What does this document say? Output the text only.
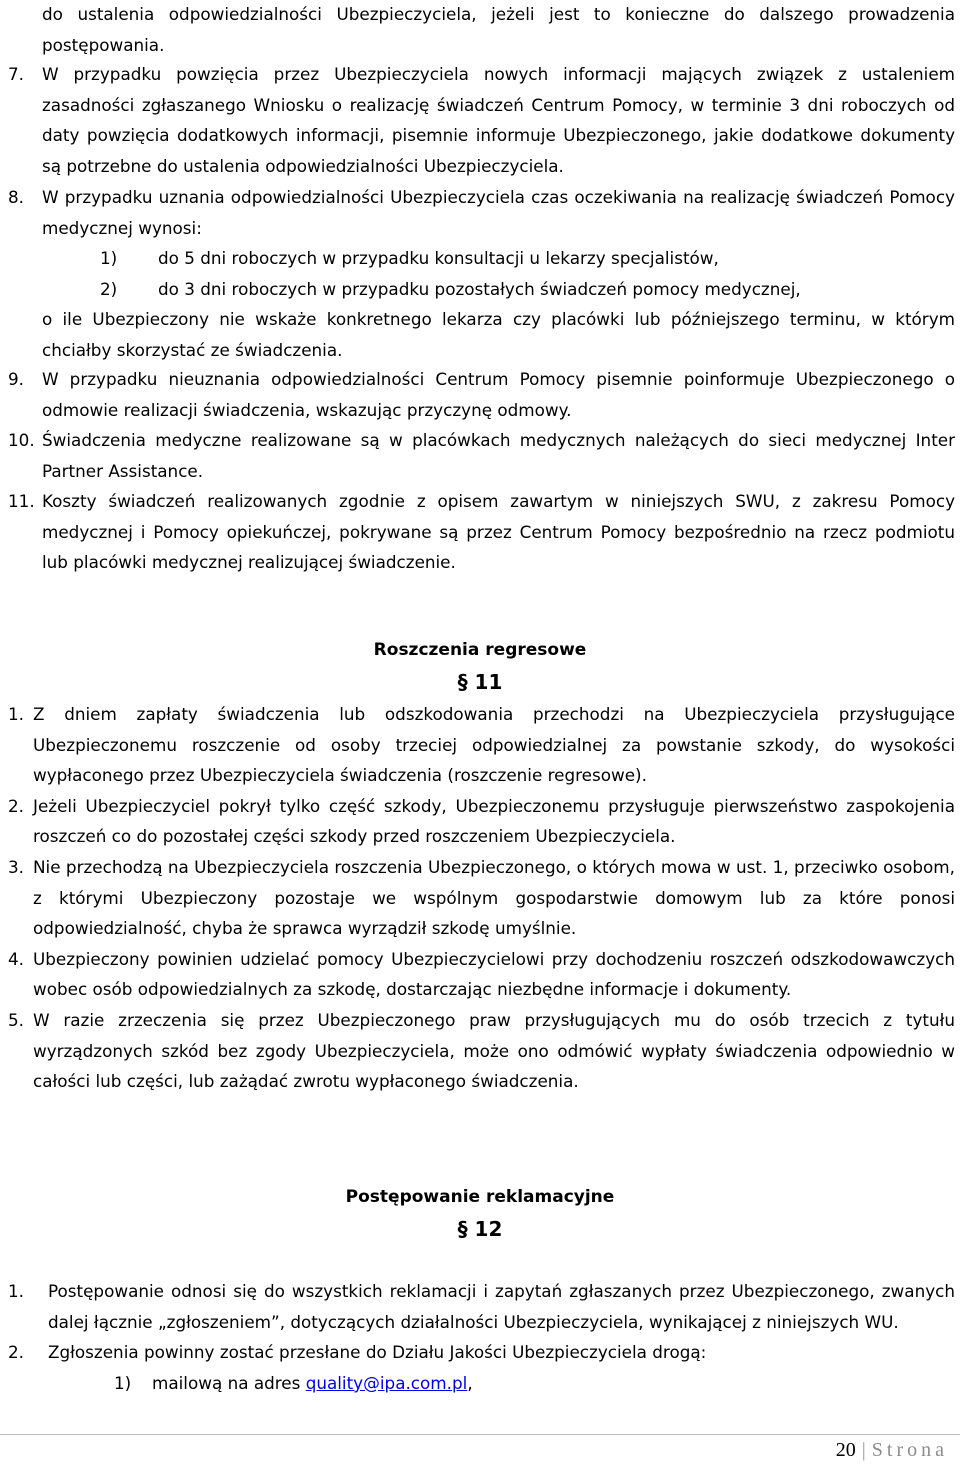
do ustalenia odpowiedzialności Ubezpieczyciela, jeżeli jest to konieczne do dalszego prowadzenia postępowania.
7. W przypadku powzięcia przez Ubezpieczyciela nowych informacji mających związek z ustaleniem zasadności zgłaszanego Wniosku o realizację świadczeń Centrum Pomocy, w terminie 3 dni roboczych od daty powzięcia dodatkowych informacji, pisemnie informuje Ubezpieczonego, jakie dodatkowe dokumenty są potrzebne do ustalenia odpowiedzialności Ubezpieczyciela.
8. W przypadku uznania odpowiedzialności Ubezpieczyciela czas oczekiwania na realizację świadczeń Pomocy medycznej wynosi:
1) do 5 dni roboczych w przypadku konsultacji u lekarzy specjalistów,

2) do 3 dni roboczych w przypadku pozostałych świadczeń pomocy medycznej,

o ile Ubezpieczony nie wskaże konkretnego lekarza czy placówki lub późniejszego terminu, w którym chciałby skorzystać ze świadczenia.
9. W przypadku nieuznania odpowiedzialności Centrum Pomocy pisemnie poinformuje Ubezpieczonego o odmowie realizacji świadczenia, wskazując przyczynę odmowy.
10. Świadczenia medyczne realizowane są w placówkach medycznych należących do sieci medycznej Inter Partner Assistance.
11. Koszty świadczeń realizowanych zgodnie z opisem zawartym w niniejszych SWU, z zakresu Pomocy medycznej i Pomocy opiekuńczej, pokrywane są przez Centrum Pomocy bezpośrednio na rzecz podmiotu lub placówki medycznej realizującej świadczenie.
Roszczenia regresowe
§ 11
1. Z dniem zapłaty świadczenia lub odszkodowania przechodzi na Ubezpieczyciela przysługujące Ubezpieczonemu roszczenie od osoby trzeciej odpowiedzialnej za powstanie szkody, do wysokości wypłaconego przez Ubezpieczyciela świadczenia (roszczenie regresowe).
2. Jeżeli Ubezpieczyciel pokrył tylko część szkody, Ubezpieczonemu przysługuje pierwszeństwo zaspokojenia roszczeń co do pozostałej części szkody przed roszczeniem Ubezpieczyciela.
3. Nie przechodzą na Ubezpieczyciela roszczenia Ubezpieczonego, o których mowa w ust. 1, przeciwko osobom, z którymi Ubezpieczony pozostaje we wspólnym gospodarstwie domowym lub za które ponosi odpowiedzialność, chyba że sprawca wyrządził szkodę umyślnie.
4. Ubezpieczony powinien udzielać pomocy Ubezpieczycielowi przy dochodzeniu roszczeń odszkodowawczych wobec osób odpowiedzialnych za szkodę, dostarczając niezbędne informacje i dokumenty.
5. W razie zrzeczenia się przez Ubezpieczonego praw przysługujących mu do osób trzecich z tytułu wyrządzonych szkód bez zgody Ubezpieczyciela, może ono odmówić wypłaty świadczenia odpowiednio w całości lub części, lub zażądać zwrotu wypłaconego świadczenia.
Postępowanie reklamacyjne
§ 12
1. Postępowanie odnosi się do wszystkich reklamacji i zapytań zgłaszanych przez Ubezpieczonego, zwanych dalej łącznie „zgłoszeniem”, dotyczących działalności Ubezpieczyciela, wynikającej z niniejszych WU.
2. Zgłoszenia powinny zostać przesłane do Działu Jakości Ubezpieczyciela drogą:
1) mailową na adres quality@ipa.com.pl,

20 | Strona
